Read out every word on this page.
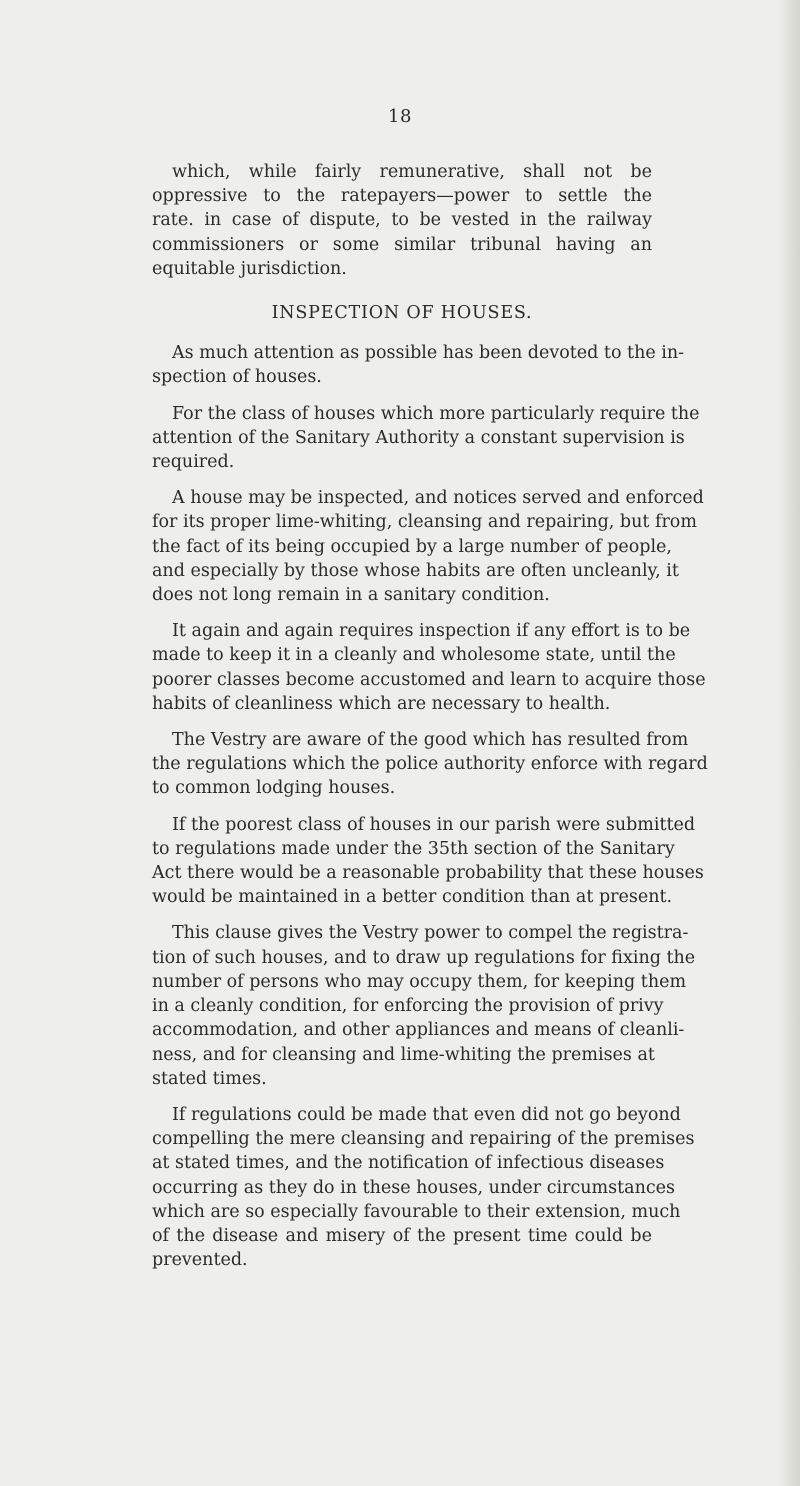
18
which, while fairly remunerative, shall not be
oppressive to the ratepayers—power to settle the
rate. in case of dispute, to be vested in the railway
commissioners or some similar tribunal having an
equitable jurisdiction.
INSPECTION OF HOUSES.
As much attention as possible has been devoted to the in‑
spection of houses.
For the class of houses which more particularly require the
attention of the Sanitary Authority a constant supervision is
required.
A house may be inspected, and notices served and enforced
for its proper lime-whiting, cleansing and repairing, but from
the fact of its being occupied by a large number of people,
and especially by those whose habits are often uncleanly, it
does not long remain in a sanitary condition.
It again and again requires inspection if any effort is to be
made to keep it in a cleanly and wholesome state, until the
poorer classes become accustomed and learn to acquire those
habits of cleanliness which are necessary to health.
The Vestry are aware of the good which has resulted from
the regulations which the police authority enforce with regard
to common lodging houses.
If the poorest class of houses in our parish were submitted
to regulations made under the 35th section of the Sanitary
Act there would be a reasonable probability that these houses
would be maintained in a better condition than at present.
This clause gives the Vestry power to compel the registra-
tion of such houses, and to draw up regulations for fixing the
number of persons who may occupy them, for keeping them
in a cleanly condition, for enforcing the provision of privy
accommodation, and other appliances and means of cleanli-
ness, and for cleansing and lime-whiting the premises at
stated times.
If regulations could be made that even did not go beyond
compelling the mere cleansing and repairing of the premises
at stated times, and the notification of infectious diseases
occurring as they do in these houses, under circumstances
which are so especially favourable to their extension, much
of the disease and misery of the present time could be
prevented.
